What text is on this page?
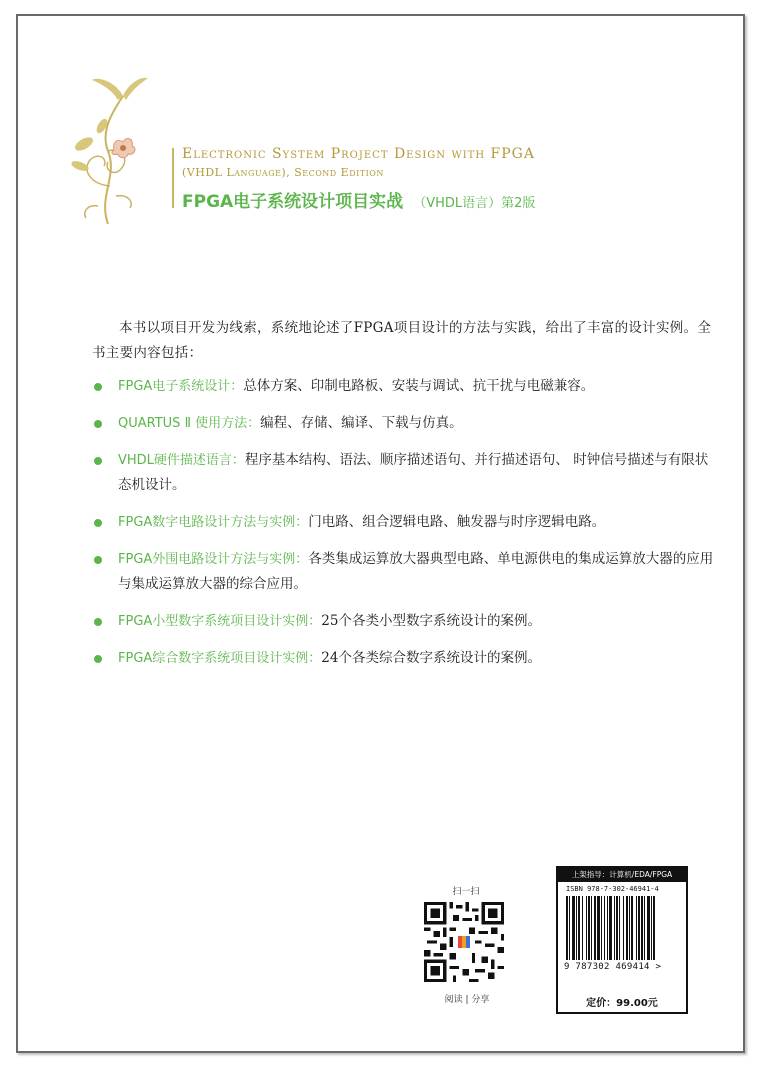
Electronic System Project Design with FPGA
(VHDL Language), Second Edition
FPGA电子系统设计项目实战 （VHDL语言）第2版
本书以项目开发为线索，系统地论述了FPGA项目设计的方法与实践，给出了丰富的设计实例。全书主要内容包括：
FPGA电子系统设计：总体方案、印制电路板、安装与调试、抗干扰与电磁兼容。
QUARTUS Ⅱ 使用方法：编程、存储、编译、下载与仿真。
VHDL硬件描述语言：程序基本结构、语法、顺序描述语句、并行描述语句、 时钟信号描述与有限状态机设计。
FPGA数字电路设计方法与实例：门电路、组合逻辑电路、触发器与时序逻辑电路。
FPGA外围电路设计方法与实例：各类集成运算放大器典型电路、单电源供电的集成运算放大器的应用与集成运算放大器的综合应用。
FPGA小型数字系统项目设计实例：25个各类小型数字系统设计的案例。
FPGA综合数字系统项目设计实例：24个各类综合数字系统设计的案例。
扫一扫
阅读 | 分享
上架指导：计算机/EDA/FPGA
ISBN 978-7-302-46941-4
9 787302 469414 >
定价：99.00元
